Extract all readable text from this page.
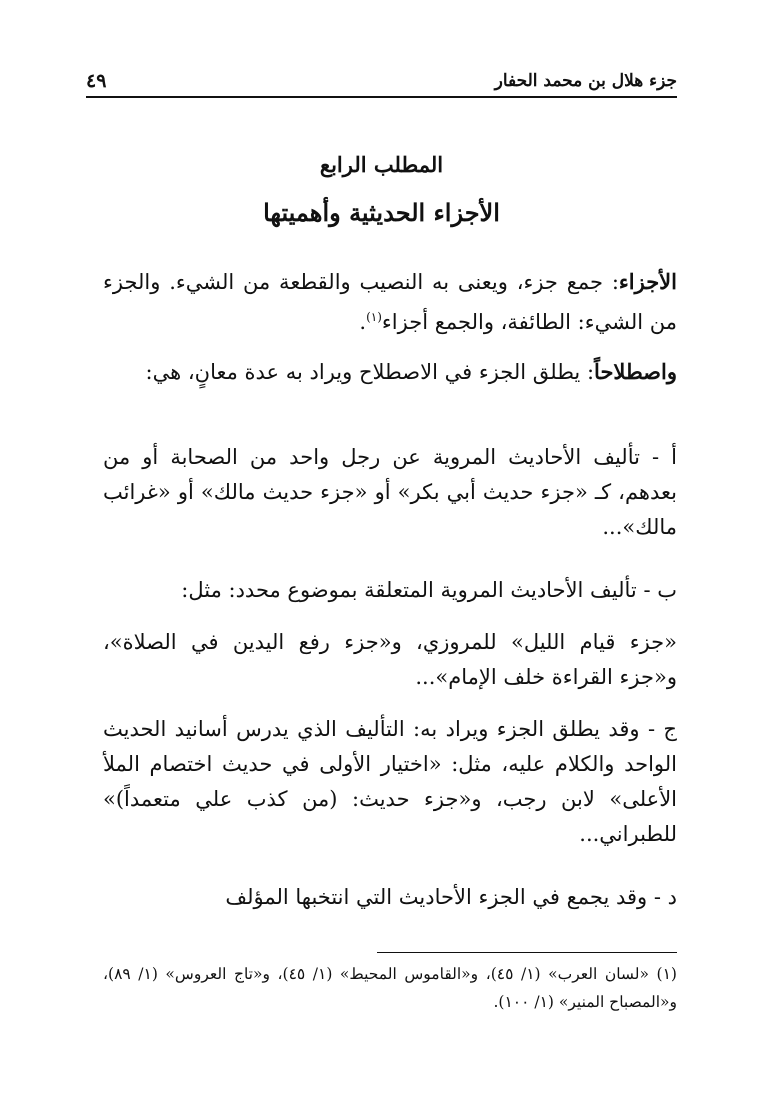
٤٩	جزء هلال بن محمد الحفار
المطلب الرابع
الأجزاء الحديثية وأهميتها
الأجزاء: جمع جزء، ويعنى به النصيب والقطعة من الشيء. والجزء من الشيء: الطائفة، والجمع أجزاء$^{(١)}$.
واصطلاحاً: يطلق الجزء في الاصطلاح ويراد به عدة معانٍ، هي:
أ - تأليف الأحاديث المروية عن رجل واحد من الصحابة أو من بعدهم، كـ «جزء حديث أبي بكر» أو «جزء حديث مالك» أو «غرائب مالك»...
ب - تأليف الأحاديث المروية المتعلقة بموضوع محدد: مثل:
«جزء قيام الليل» للمروزي، و«جزء رفع اليدين في الصلاة»، و«جزء القراءة خلف الإمام»...
ج - وقد يطلق الجزء ويراد به: التأليف الذي يدرس أسانيد الحديث الواحد والكلام عليه، مثل: «اختيار الأولى في حديث اختصام الملأ الأعلى» لابن رجب، و«جزء حديث: (من كذب علي متعمداً)» للطبراني...
د - وقد يجمع في الجزء الأحاديث التي انتخبها المؤلف
(١) «لسان العرب» (١/ ٤٥)، و«القاموس المحيط» (١/ ٤٥)، و«تاج العروس» (١/ ٨٩)، و«المصباح المنير» (١/ ١٠٠).
